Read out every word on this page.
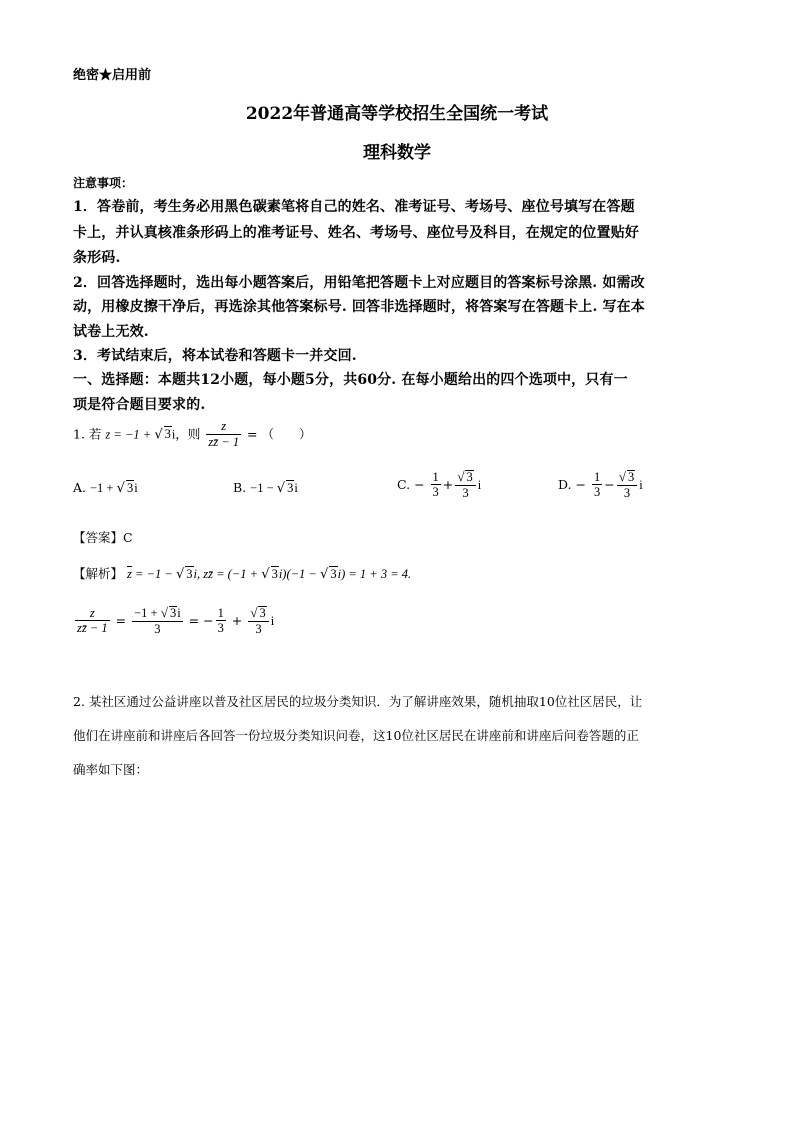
绝密★启用前
2022年普通高等学校招生全国统一考试
理科数学
注意事项：
1．答卷前，考生务必用黑色碳素笔将自己的姓名、准考证号、考场号、座位号填写在答题
卡上，并认真核准条形码上的准考证号、姓名、考场号、座位号及科目，在规定的位置贴好
条形码.
2．回答选择题时，选出每小题答案后，用铅笔把答题卡上对应题目的答案标号涂黑. 如需改
动，用橡皮擦干净后，再选涂其他答案标号. 回答非选择题时，将答案写在答题卡上. 写在本
试卷上无效.
3．考试结束后，将本试卷和答题卡一并交回.
一、选择题：本题共12小题，每小题5分，共60分. 在每小题给出的四个选项中，只有一
项是符合题目要求的.
1. 若 z = −1 + √ 3i，则 $\frac{z}{zz̄ - 1}$ = （　　）
A. −1 + √ 3i	B. −1 − √ 3i	C. − $\frac{1}{3} + \frac{√ 3}{3}$ i	D. − $\frac{1}{3} - \frac{√ 3}{3}$ i
【答案】C
【解析】 $\overline{z} = -1$ − √ 3i, zz̄ = (−1 + √ 3i)(−1 − √ 3i) = 1 + 3 = 4.
$\frac{z}{zz̄ - 1} = \frac{-1 + √ 3i}{3}$ = − $\frac{1}{3} + \frac{√ 3}{3}$ i
2. 某社区通过公益讲座以普及社区居民的垃圾分类知识．为了解讲座效果，随机抽取10位社区居民，让
他们在讲座前和讲座后各回答一份垃圾分类知识问卷，这10位社区居民在讲座前和讲座后问卷答题的正
确率如下图：
